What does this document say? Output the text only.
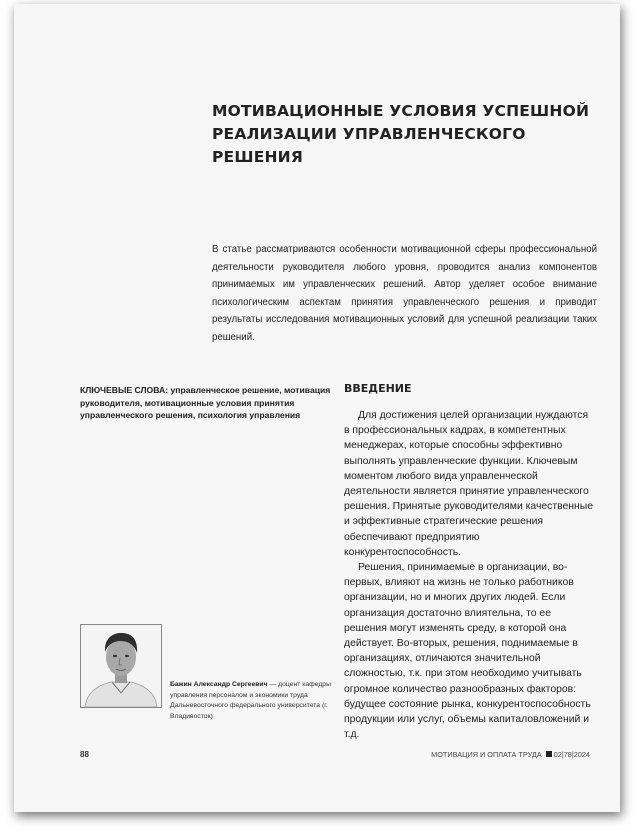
МОТИВАЦИОННЫЕ УСЛОВИЯ УСПЕШНОЙ РЕАЛИЗАЦИИ УПРАВЛЕНЧЕСКОГО РЕШЕНИЯ

В статье рассматриваются особенности мотивационной сферы профессиональной деятельности руководителя любого уровня, проводится анализ компонентов принимаемых им управленческих решений. Автор уделяет особое внимание психологическим аспектам принятия управленческого решения и приводит результаты исследования мотивационных условий для успешной реализации таких решений.

КЛЮЧЕВЫЕ СЛОВА: управленческое решение, мотивация руководителя, мотивационные условия принятия управленческого решения, психология управления

ВВЕДЕНИЕ

Для достижения целей организации нуждаются в профессиональных кадрах, в компетентных менеджерах, которые способны эффективно выполнять управленческие функции. Ключевым моментом любого вида управленческой деятельности является принятие управленческого решения. Принятые руководителями качественные и эффективные стратегические решения обеспечивают предприятию конкурентоспособность.

Решения, принимаемые в организации, во-первых, влияют на жизнь не только работников организации, но и многих других людей. Если организация достаточно влиятельна, то ее решения могут изменять среду, в которой она действует. Во-вторых, решения, поднимаемые в организациях, отличаются значительной сложностью, т.к. при этом необходимо учитывать огромное количество разнообразных факторов: будущее состояние рынка, конкурентоспособность продукции или услуг, объемы капиталовложений и т.д.

Бажин Александр Сергеевич — доцент кафедры управления персоналом и экономики труда Дальневосточного федерального университета (г. Владивосток)

88	МОТИВАЦИЯ И ОПЛАТА ТРУДА 02|78|2024
